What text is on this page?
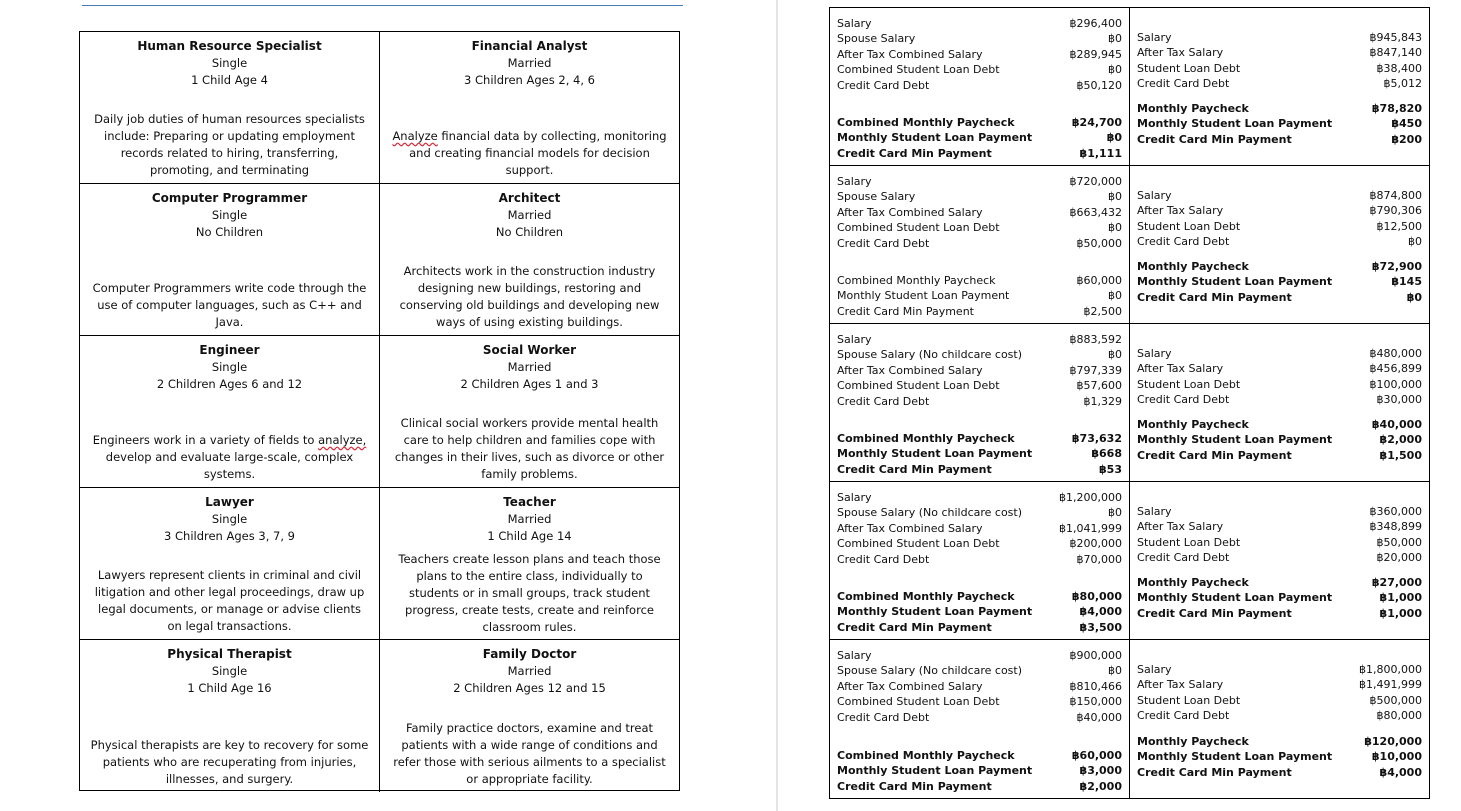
Human Resource Specialist
Single
1 Child Age 4
Daily job duties of human resources specialists include: Preparing or updating employment records related to hiring, transferring, promoting, and terminating
Financial Analyst
Married
3 Children Ages 2, 4, 6
Analyze financial data by collecting, monitoring and creating financial models for decision support.
Computer Programmer
Single
No Children
Computer Programmers write code through the use of computer languages, such as C++ and Java.
Architect
Married
No Children
Architects work in the construction industry designing new buildings, restoring and conserving old buildings and developing new ways of using existing buildings.
Engineer
Single
2 Children Ages 6 and 12
Engineers work in a variety of fields to analyze, develop and evaluate large-scale, complex systems.
Social Worker
Married
2 Children Ages 1 and 3
Clinical social workers provide mental health care to help children and families cope with changes in their lives, such as divorce or other family problems.
Lawyer
Single
3 Children Ages 3, 7, 9
Lawyers represent clients in criminal and civil litigation and other legal proceedings, draw up legal documents, or manage or advise clients on legal transactions.
Teacher
Married
1 Child Age 14
Teachers create lesson plans and teach those plans to the entire class, individually to students or in small groups, track student progress, create tests, create and reinforce classroom rules.
Physical Therapist
Single
1 Child Age 16
Physical therapists are key to recovery for some patients who are recuperating from injuries, illnesses, and surgery.
Family Doctor
Married
2 Children Ages 12 and 15
Family practice doctors, examine and treat patients with a wide range of conditions and refer those with serious ailments to a specialist or appropriate facility.
Salary	฿296,400
Spouse Salary	฿0
After Tax Combined Salary	฿289,945
Combined Student Loan Debt	฿0
Credit Card Debt	฿50,120
Combined Monthly Paycheck	฿24,700
Monthly Student Loan Payment	฿0
Credit Card Min Payment	฿1,111
Salary	฿945,843
After Tax Salary	฿847,140
Student Loan Debt	฿38,400
Credit Card Debt	฿5,012
Monthly Paycheck	฿78,820
Monthly Student Loan Payment	฿450
Credit Card Min Payment	฿200
Salary	฿720,000
Spouse Salary	฿0
After Tax Combined Salary	฿663,432
Combined Student Loan Debt	฿0
Credit Card Debt	฿50,000
Combined Monthly Paycheck	฿60,000
Monthly Student Loan Payment	฿0
Credit Card Min Payment	฿2,500
Salary	฿874,800
After Tax Salary	฿790,306
Student Loan Debt	฿12,500
Credit Card Debt	฿0
Monthly Paycheck	฿72,900
Monthly Student Loan Payment	฿145
Credit Card Min Payment	฿0
Salary	฿883,592
Spouse Salary (No childcare cost)	฿0
After Tax Combined Salary	฿797,339
Combined Student Loan Debt	฿57,600
Credit Card Debt	฿1,329
Combined Monthly Paycheck	฿73,632
Monthly Student Loan Payment	฿668
Credit Card Min Payment	฿53
Salary	฿480,000
After Tax Salary	฿456,899
Student Loan Debt	฿100,000
Credit Card Debt	฿30,000
Monthly Paycheck	฿40,000
Monthly Student Loan Payment	฿2,000
Credit Card Min Payment	฿1,500
Salary	฿1,200,000
Spouse Salary (No childcare cost)	฿0
After Tax Combined Salary	฿1,041,999
Combined Student Loan Debt	฿200,000
Credit Card Debt	฿70,000
Combined Monthly Paycheck	฿80,000
Monthly Student Loan Payment	฿4,000
Credit Card Min Payment	฿3,500
Salary	฿360,000
After Tax Salary	฿348,899
Student Loan Debt	฿50,000
Credit Card Debt	฿20,000
Monthly Paycheck	฿27,000
Monthly Student Loan Payment	฿1,000
Credit Card Min Payment	฿1,000
Salary	฿900,000
Spouse Salary (No childcare cost)	฿0
After Tax Combined Salary	฿810,466
Combined Student Loan Debt	฿150,000
Credit Card Debt	฿40,000
Combined Monthly Paycheck	฿60,000
Monthly Student Loan Payment	฿3,000
Credit Card Min Payment	฿2,000
Salary	฿1,800,000
After Tax Salary	฿1,491,999
Student Loan Debt	฿500,000
Credit Card Debt	฿80,000
Monthly Paycheck	฿120,000
Monthly Student Loan Payment	฿10,000
Credit Card Min Payment	฿4,000
